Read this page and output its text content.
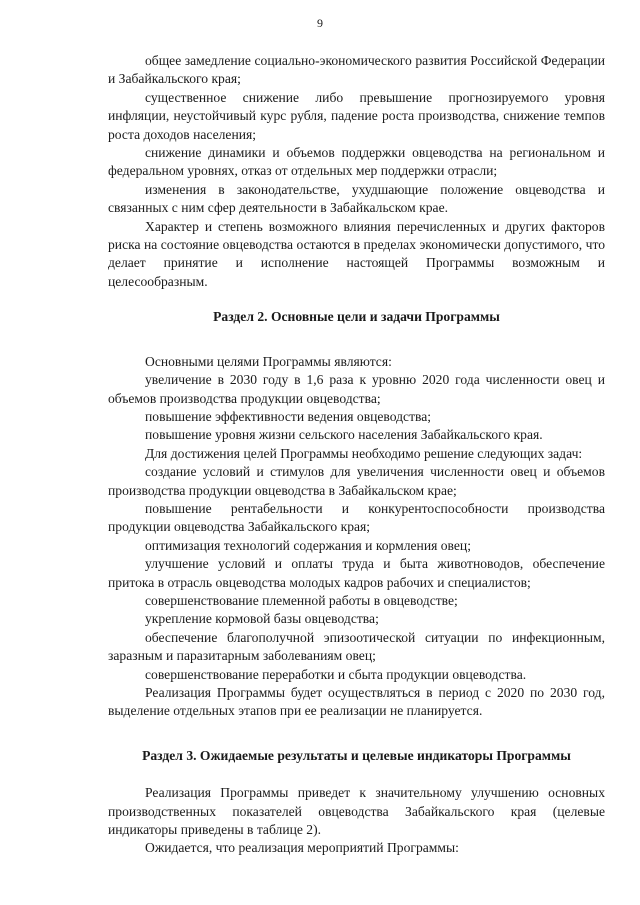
9

общее замедление социально-экономического развития Российской Федерации и Забайкальского края;

существенное снижение либо превышение прогнозируемого уровня инфляции, неустойчивый курс рубля, падение роста производства, снижение темпов роста доходов населения;

снижение динамики и объемов поддержки овцеводства на региональном и федеральном уровнях, отказ от отдельных мер поддержки отрасли;

изменения в законодательстве, ухудшающие положение овцеводства и связанных с ним сфер деятельности в Забайкальском крае.

Характер и степень возможного влияния перечисленных и других факторов риска на состояние овцеводства остаются в пределах экономически допустимого, что делает принятие и исполнение настоящей Программы возможным и целесообразным.

Раздел 2. Основные цели и задачи Программы

Основными целями Программы являются:

увеличение в 2030 году в 1,6 раза к уровню 2020 года численности овец и объемов производства продукции овцеводства;

повышение эффективности ведения овцеводства;

повышение уровня жизни сельского населения Забайкальского края.

Для достижения целей Программы необходимо решение следующих задач:

создание условий и стимулов для увеличения численности овец и объемов производства продукции овцеводства в Забайкальском крае;

повышение рентабельности и конкурентоспособности производства продукции овцеводства Забайкальского края;

оптимизация технологий содержания и кормления овец;

улучшение условий и оплаты труда и быта животноводов, обеспечение притока в отрасль овцеводства молодых кадров рабочих и специалистов;

совершенствование племенной работы в овцеводстве;

укрепление кормовой базы овцеводства;

обеспечение благополучной эпизоотической ситуации по инфекционным, заразным и паразитарным заболеваниям овец;

совершенствование переработки и сбыта продукции овцеводства.

Реализация Программы будет осуществляться в период с 2020 по 2030 год, выделение отдельных этапов при ее реализации не планируется.

Раздел 3. Ожидаемые результаты и целевые индикаторы Программы

Реализация Программы приведет к значительному улучшению основных производственных показателей овцеводства Забайкальского края (целевые индикаторы приведены в таблице 2).

Ожидается, что реализация мероприятий Программы:
